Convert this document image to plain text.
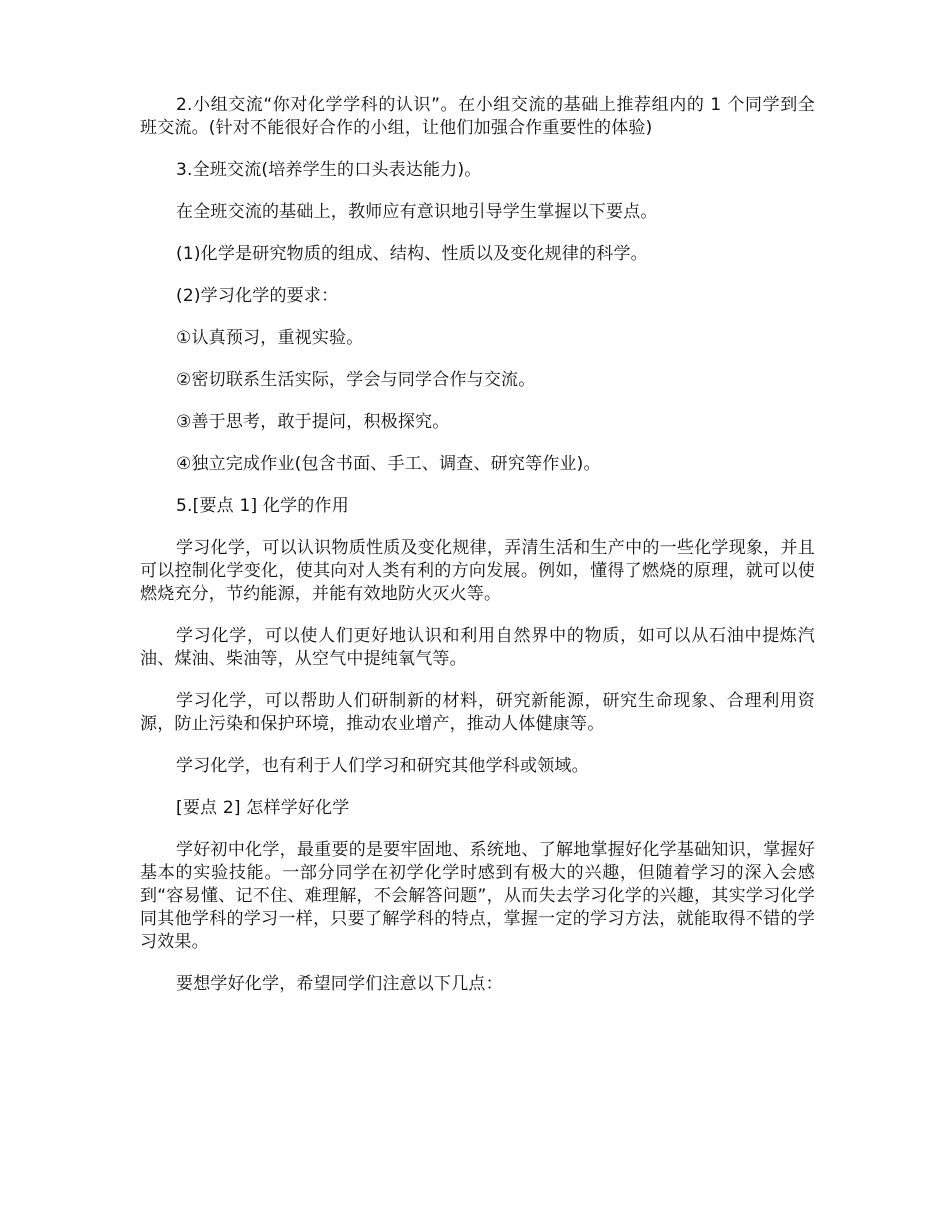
2.小组交流“你对化学学科的认识”。在小组交流的基础上推荐组内的 1 个同学到全班交流。(针对不能很好合作的小组，让他们加强合作重要性的体验)

3.全班交流(培养学生的口头表达能力)。

在全班交流的基础上，教师应有意识地引导学生掌握以下要点。

(1)化学是研究物质的组成、结构、性质以及变化规律的科学。

(2)学习化学的要求：

①认真预习，重视实验。

②密切联系生活实际，学会与同学合作与交流。

③善于思考，敢于提问，积极探究。

④独立完成作业(包含书面、手工、调查、研究等作业)。

5.[要点 1] 化学的作用

学习化学，可以认识物质性质及变化规律，弄清生活和生产中的一些化学现象，并且可以控制化学变化，使其向对人类有利的方向发展。例如，懂得了燃烧的原理，就可以使燃烧充分，节约能源，并能有效地防火灭火等。

学习化学，可以使人们更好地认识和利用自然界中的物质，如可以从石油中提炼汽油、煤油、柴油等，从空气中提纯氧气等。

学习化学，可以帮助人们研制新的材料，研究新能源，研究生命现象、合理利用资源，防止污染和保护环境，推动农业增产，推动人体健康等。

学习化学，也有利于人们学习和研究其他学科或领域。

[要点 2] 怎样学好化学

学好初中化学，最重要的是要牢固地、系统地、了解地掌握好化学基础知识，掌握好基本的实验技能。一部分同学在初学化学时感到有极大的兴趣，但随着学习的深入会感到“容易懂、记不住、难理解，不会解答问题”，从而失去学习化学的兴趣，其实学习化学同其他学科的学习一样，只要了解学科的特点，掌握一定的学习方法，就能取得不错的学习效果。

要想学好化学，希望同学们注意以下几点：
